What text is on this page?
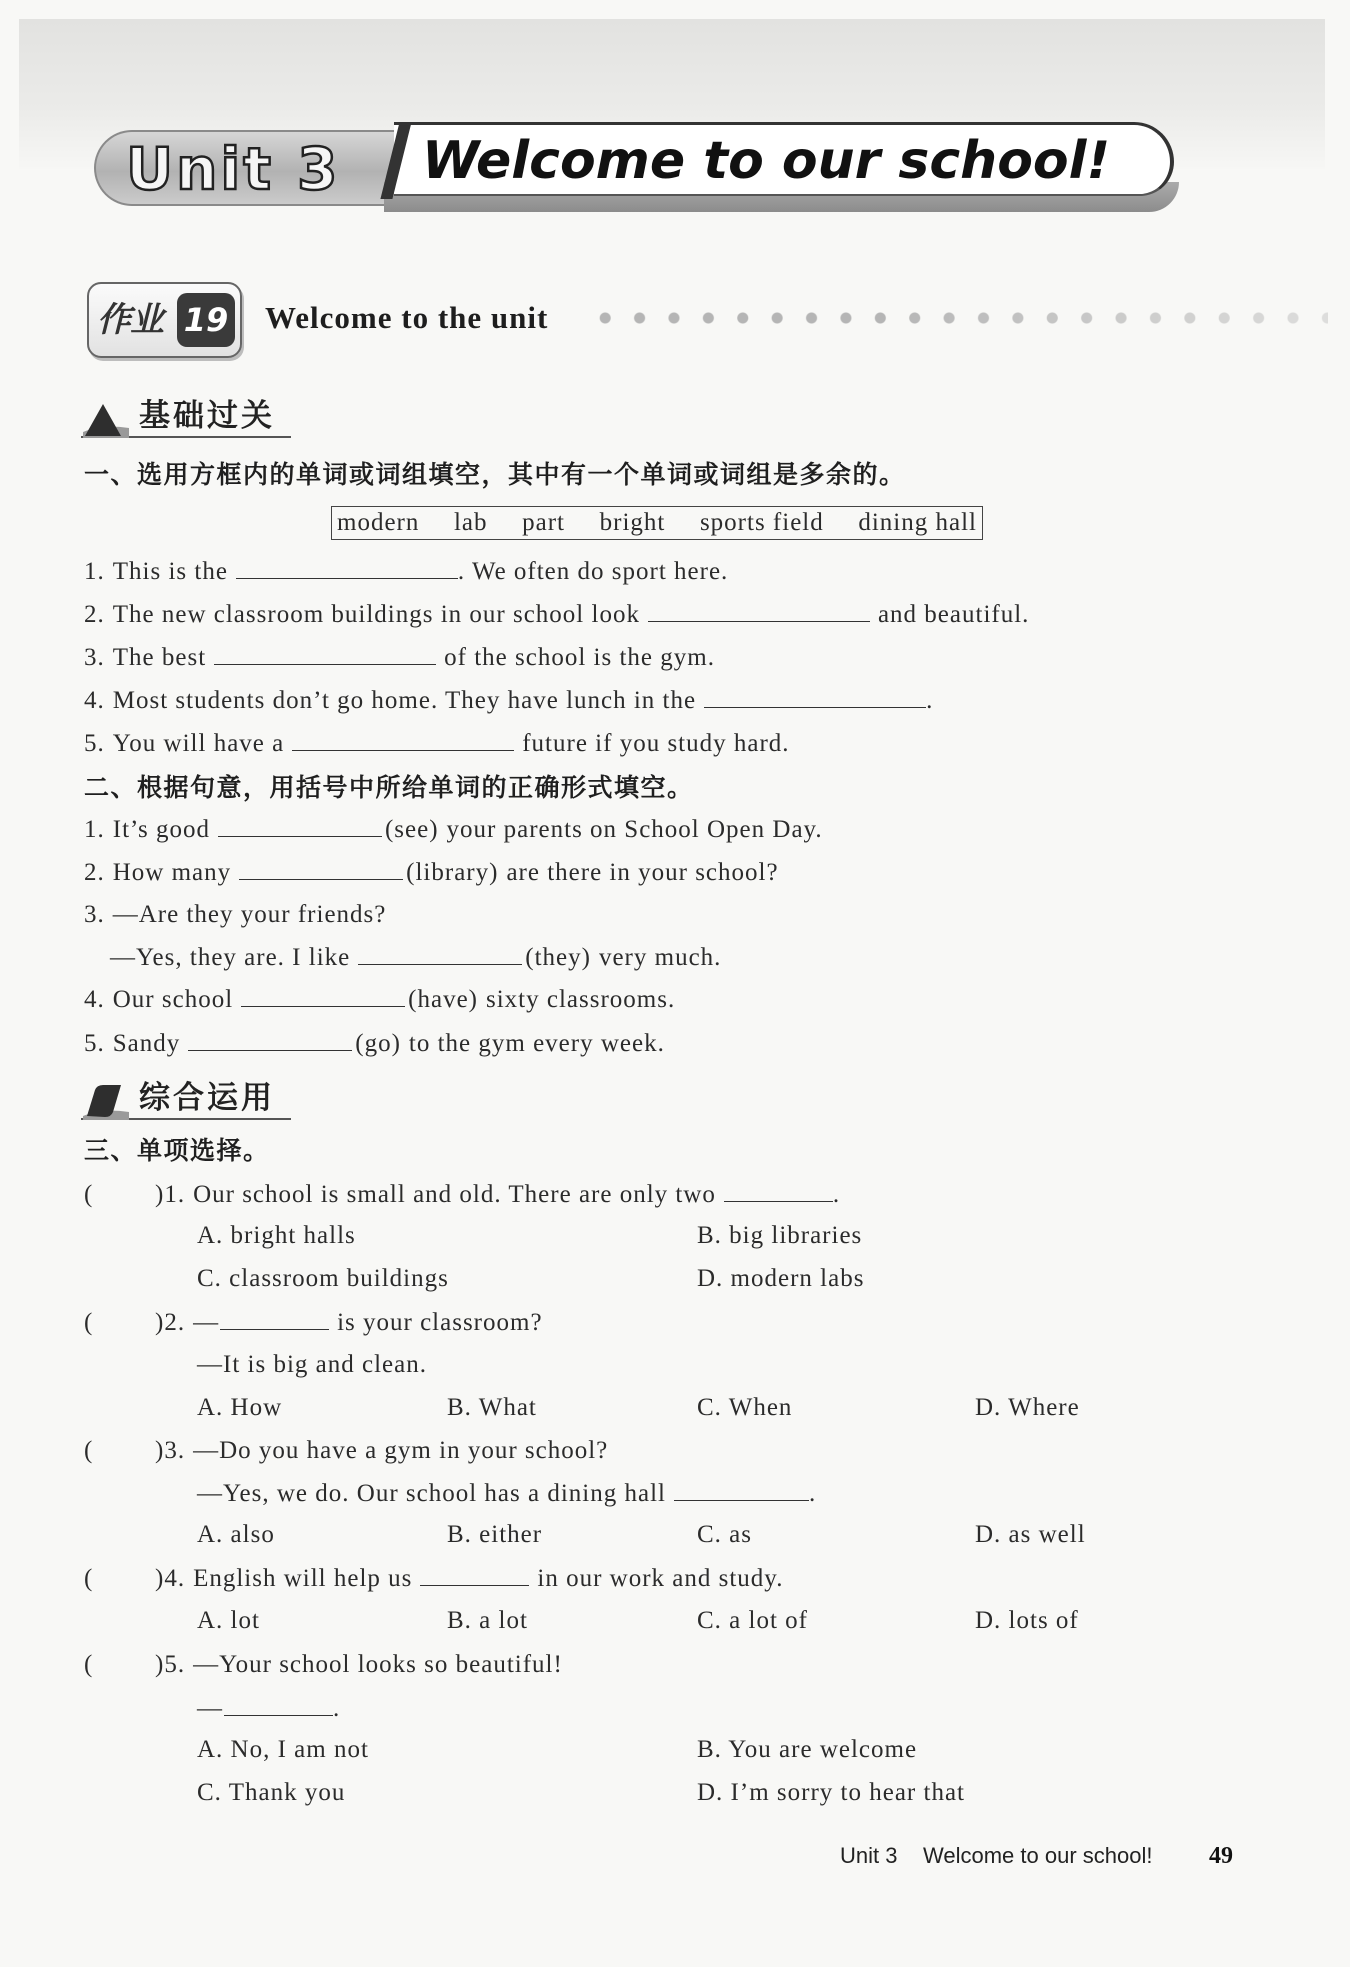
Unit 3 Welcome to our school!
作业 19 Welcome to the unit
基础过关
一、选用方框内的单词或词组填空，其中有一个单词或词组是多余的。
modern lab part bright sports field dining hall
1. This is the	. We often do sport here.
2. The new classroom buildings in our school look	and beautiful.
3. The best	of the school is the gym.
4. Most students don’t go home. They have lunch in the	.
5. You will have a	future if you study hard.
二、根据句意，用括号中所给单词的正确形式填空。
1. It’s good	(see) your parents on School Open Day.
2. How many	(library) are there in your school?
3. —Are they your friends?
—Yes, they are. I like	(they) very much.
4. Our school	(have) sixty classrooms.
5. Sandy	(go) to the gym every week.
综合运用
三、单项选择。
( )1. Our school is small and old. There are only two	.
A. bright halls	B. big libraries
C. classroom buildings	D. modern labs
( )2. —	is your classroom?
—It is big and clean.
A. How	B. What	C. When	D. Where
( )3. —Do you have a gym in your school?
—Yes, we do. Our school has a dining hall	.
A. also	B. either	C. as	D. as well
( )4. English will help us	in our work and study.
A. lot	B. a lot	C. a lot of	D. lots of
( )5. —Your school looks so beautiful!
—	.
A. No, I am not	B. You are welcome
C. Thank you	D. I’m sorry to hear that
Unit 3 Welcome to our school! 49
